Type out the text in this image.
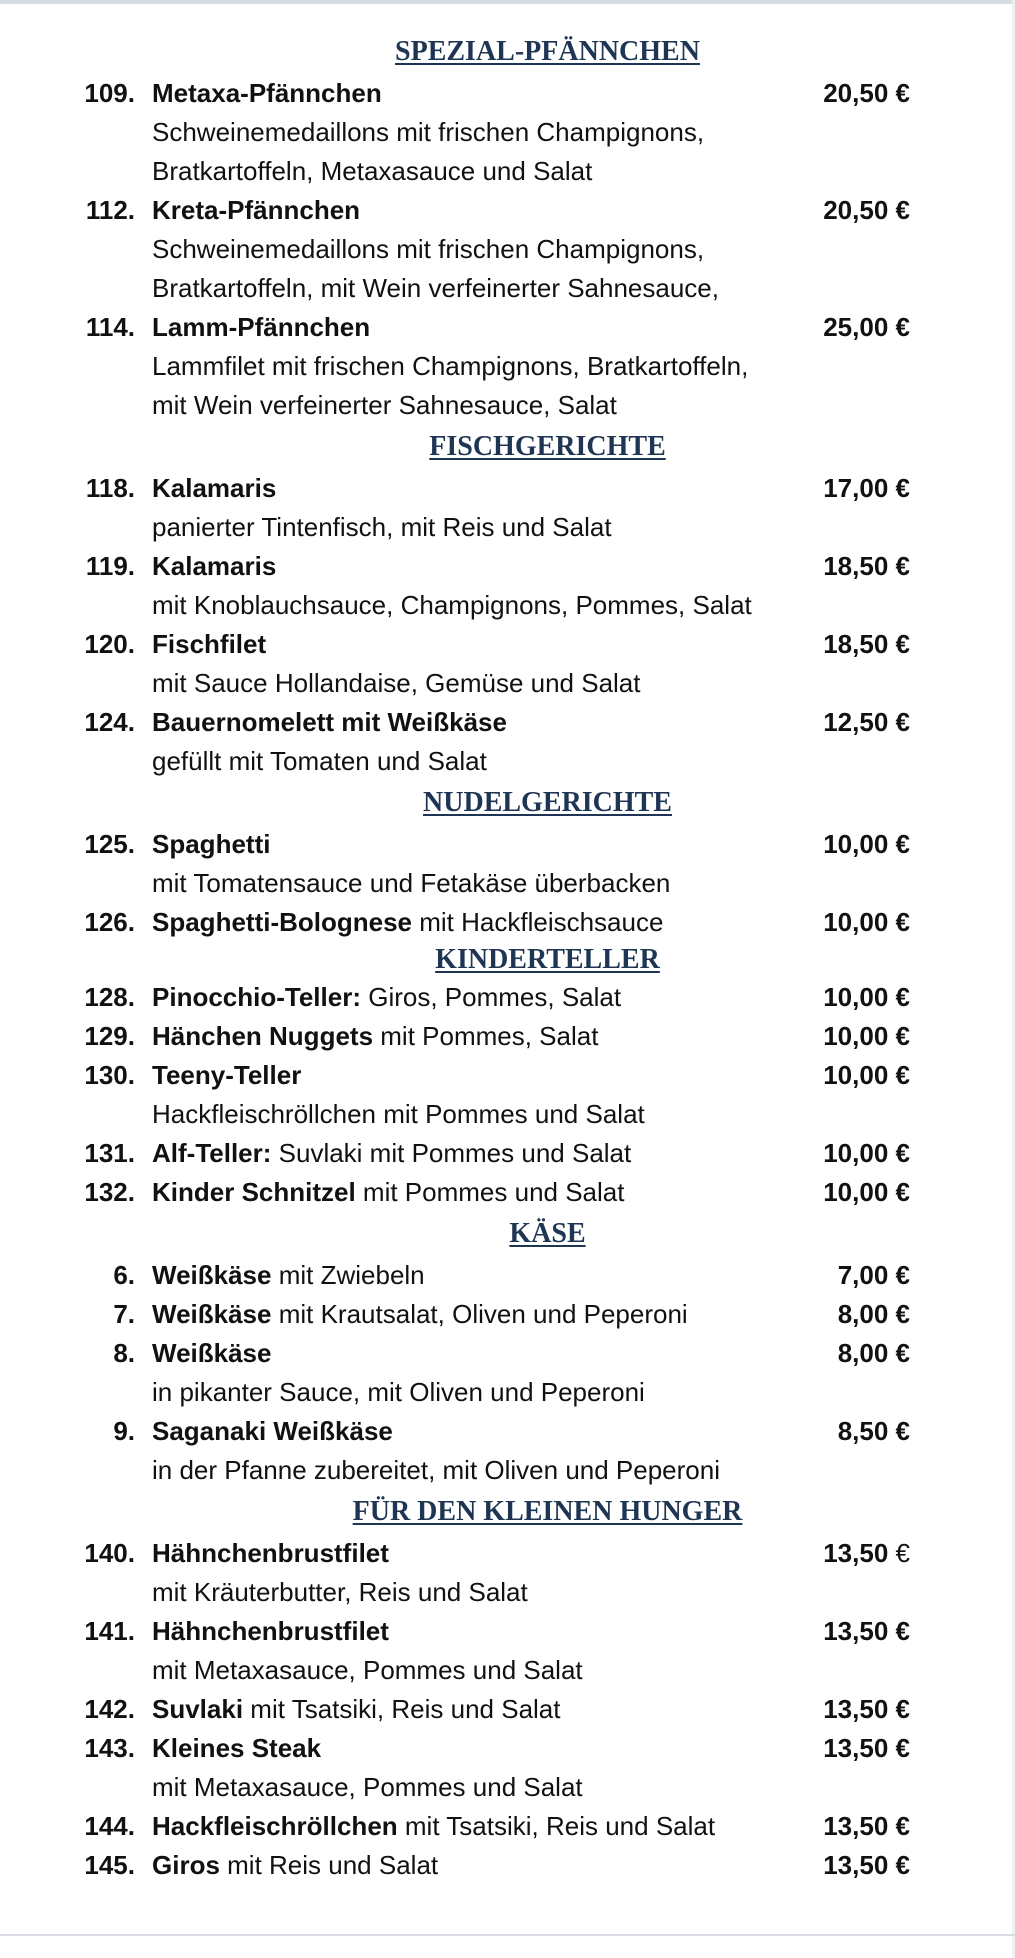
SPEZIAL-PFÄNNCHEN
109. Metaxa-Pfännchen	20,50 €
Schweinemedaillons mit frischen Champignons,
Bratkartoffeln, Metaxasauce und Salat
112. Kreta-Pfännchen	20,50 €
Schweinemedaillons mit frischen Champignons,
Bratkartoffeln, mit Wein verfeinerter Sahnesauce,
114. Lamm-Pfännchen	25,00 €
Lammfilet mit frischen Champignons, Bratkartoffeln,
mit Wein verfeinerter Sahnesauce, Salat
FISCHGERICHTE
118. Kalamaris	17,00 €
panierter Tintenfisch, mit Reis und Salat
119. Kalamaris	18,50 €
mit Knoblauchsauce, Champignons, Pommes, Salat
120. Fischfilet	18,50 €
mit Sauce Hollandaise, Gemüse und Salat
124. Bauernomelett mit Weißkäse	12,50 €
gefüllt mit Tomaten und Salat
NUDELGERICHTE
125. Spaghetti	10,00 €
mit Tomatensauce und Fetakäse überbacken
126. Spaghetti-Bolognese mit Hackfleischsauce	10,00 €
KINDERTELLER
128. Pinocchio-Teller: Giros, Pommes, Salat	10,00 €
129. Hänchen Nuggets mit Pommes, Salat	10,00 €
130. Teeny-Teller	10,00 €
Hackfleischröllchen mit Pommes und Salat
131. Alf-Teller: Suvlaki mit Pommes und Salat	10,00 €
132. Kinder Schnitzel mit Pommes und Salat	10,00 €
KÄSE
6. Weißkäse mit Zwiebeln	7,00 €
7. Weißkäse mit Krautsalat, Oliven und Peperoni	8,00 €
8. Weißkäse	8,00 €
in pikanter Sauce, mit Oliven und Peperoni
9. Saganaki Weißkäse	8,50 €
in der Pfanne zubereitet, mit Oliven und Peperoni
FÜR DEN KLEINEN HUNGER
140. Hähnchenbrustfilet	13,50 €
mit Kräuterbutter, Reis und Salat
141. Hähnchenbrustfilet	13,50 €
mit Metaxasauce, Pommes und Salat
142. Suvlaki mit Tsatsiki, Reis und Salat	13,50 €
143. Kleines Steak	13,50 €
mit Metaxasauce, Pommes und Salat
144. Hackfleischröllchen mit Tsatsiki, Reis und Salat	13,50 €
145. Giros mit Reis und Salat	13,50 €
